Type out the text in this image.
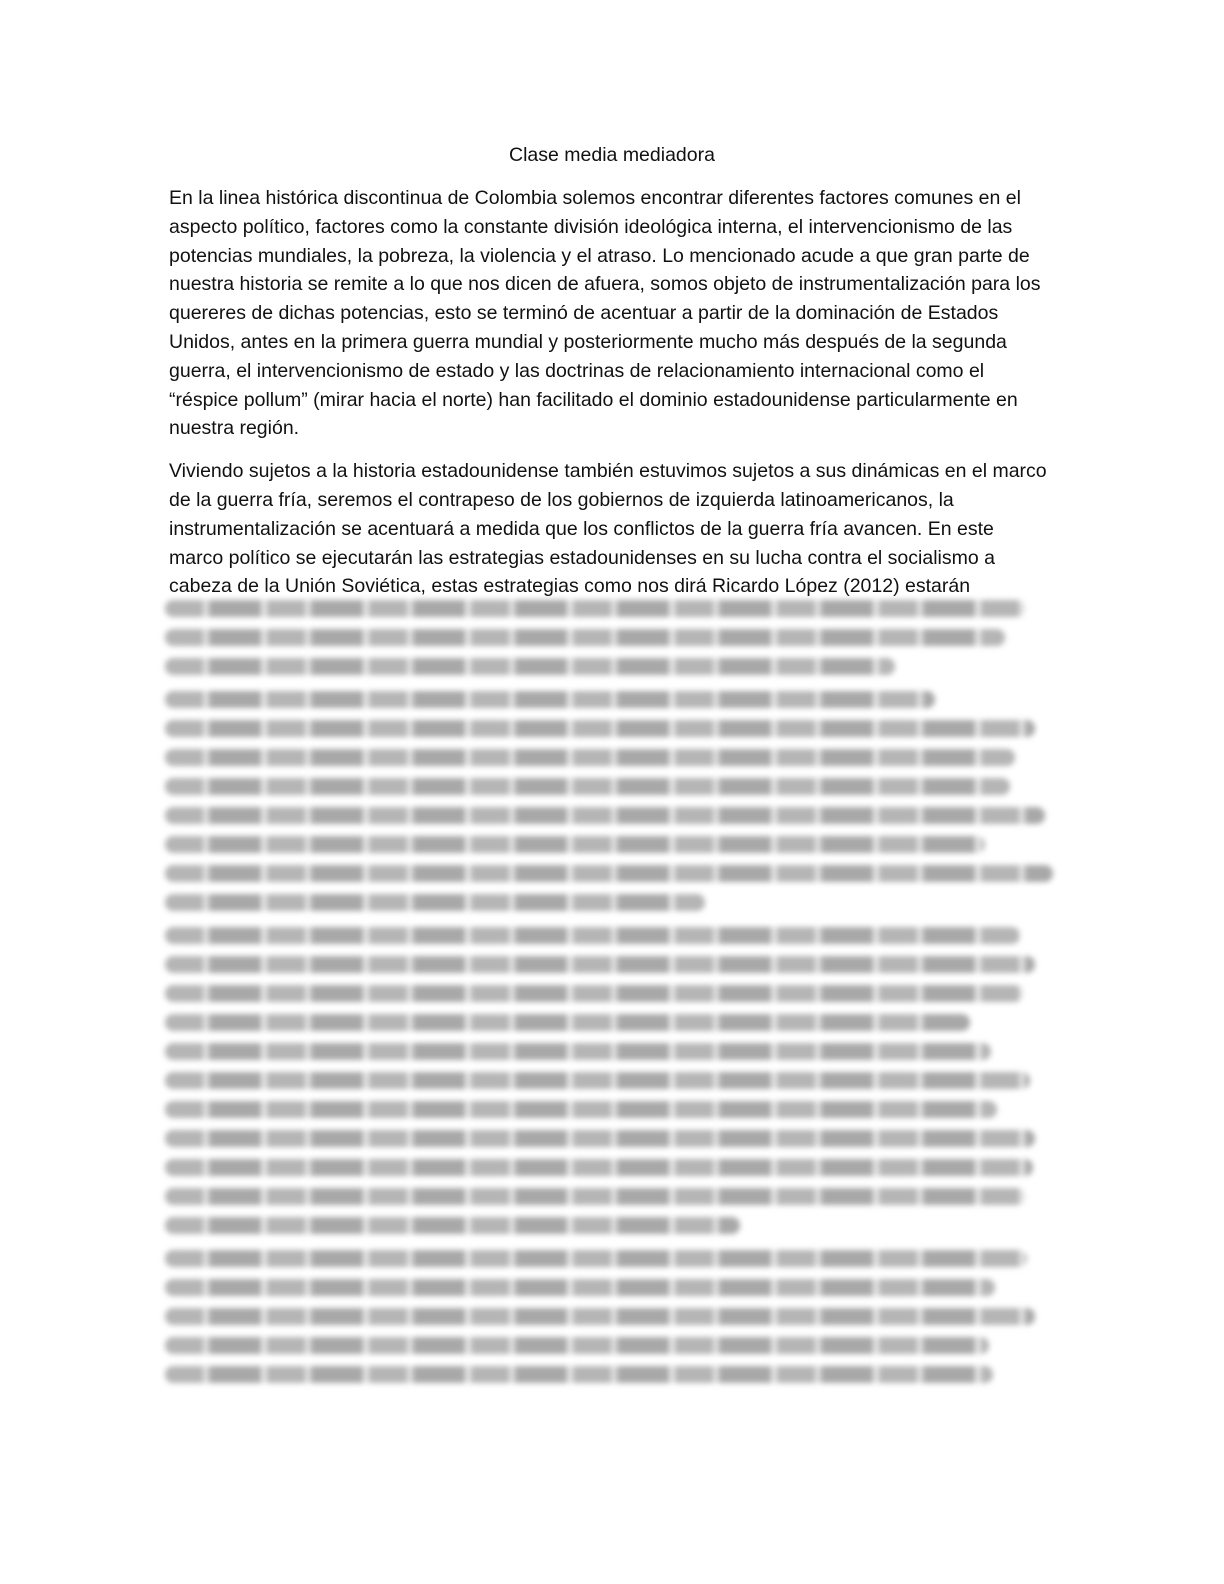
Clase media mediadora

En la linea histórica discontinua de Colombia solemos encontrar diferentes factores comunes en el aspecto político, factores como la constante división ideológica interna, el intervencionismo de las potencias mundiales, la pobreza, la violencia y el atraso. Lo mencionado acude a que gran parte de nuestra historia se remite a lo que nos dicen de afuera, somos objeto de instrumentalización para los quereres de dichas potencias, esto se terminó de acentuar a partir de la dominación de Estados Unidos, antes en la primera guerra mundial y posteriormente mucho más después de la segunda guerra, el intervencionismo de estado y las doctrinas de relacionamiento internacional como el “réspice pollum” (mirar hacia el norte) han facilitado el dominio estadounidense particularmente en nuestra región.

Viviendo sujetos a la historia estadounidense también estuvimos sujetos a sus dinámicas en el marco de la guerra fría, seremos el contrapeso de los gobiernos de izquierda latinoamericanos, la instrumentalización se acentuará a medida que los conflictos de la guerra fría avancen. En este marco político se ejecutarán las estrategias estadounidenses en su lucha contra el socialismo a cabeza de la Unión Soviética, estas estrategias como nos dirá Ricardo López (2012) estarán
